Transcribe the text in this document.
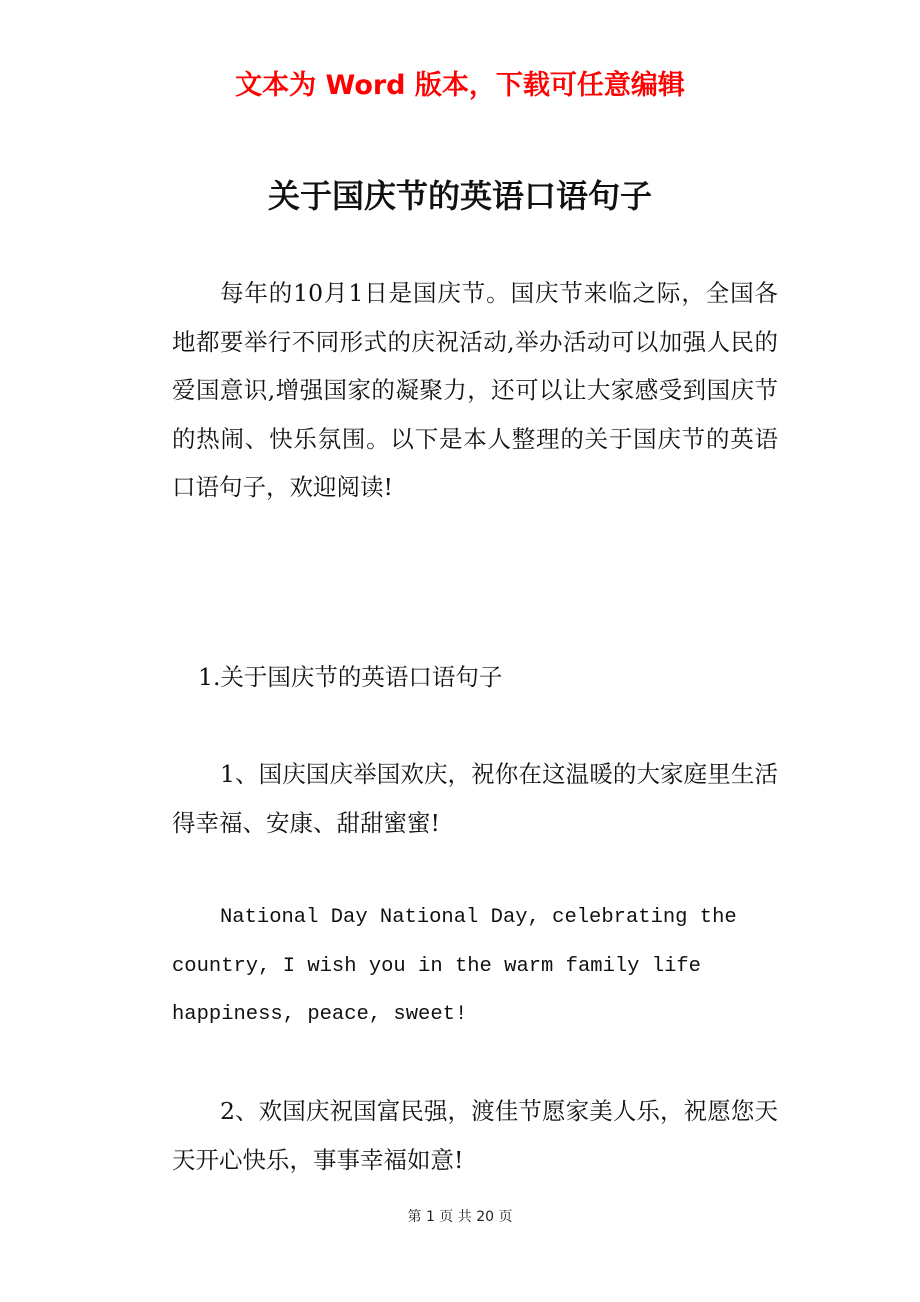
文本为 Word 版本，下载可任意编辑
关于国庆节的英语口语句子
每年的10月1日是国庆节。国庆节来临之际，全国各地都要举行不同形式的庆祝活动,举办活动可以加强人民的爱国意识,增强国家的凝聚力，还可以让大家感受到国庆节的热闹、快乐氛围。以下是本人整理的关于国庆节的英语口语句子，欢迎阅读!
1.关于国庆节的英语口语句子
1、国庆国庆举国欢庆，祝你在这温暖的大家庭里生活得幸福、安康、甜甜蜜蜜!
National Day National Day, celebrating the
country, I wish you in the warm family life
happiness, peace, sweet!
2、欢国庆祝国富民强，渡佳节愿家美人乐，祝愿您天天开心快乐，事事幸福如意!
第 1 页 共 20 页
